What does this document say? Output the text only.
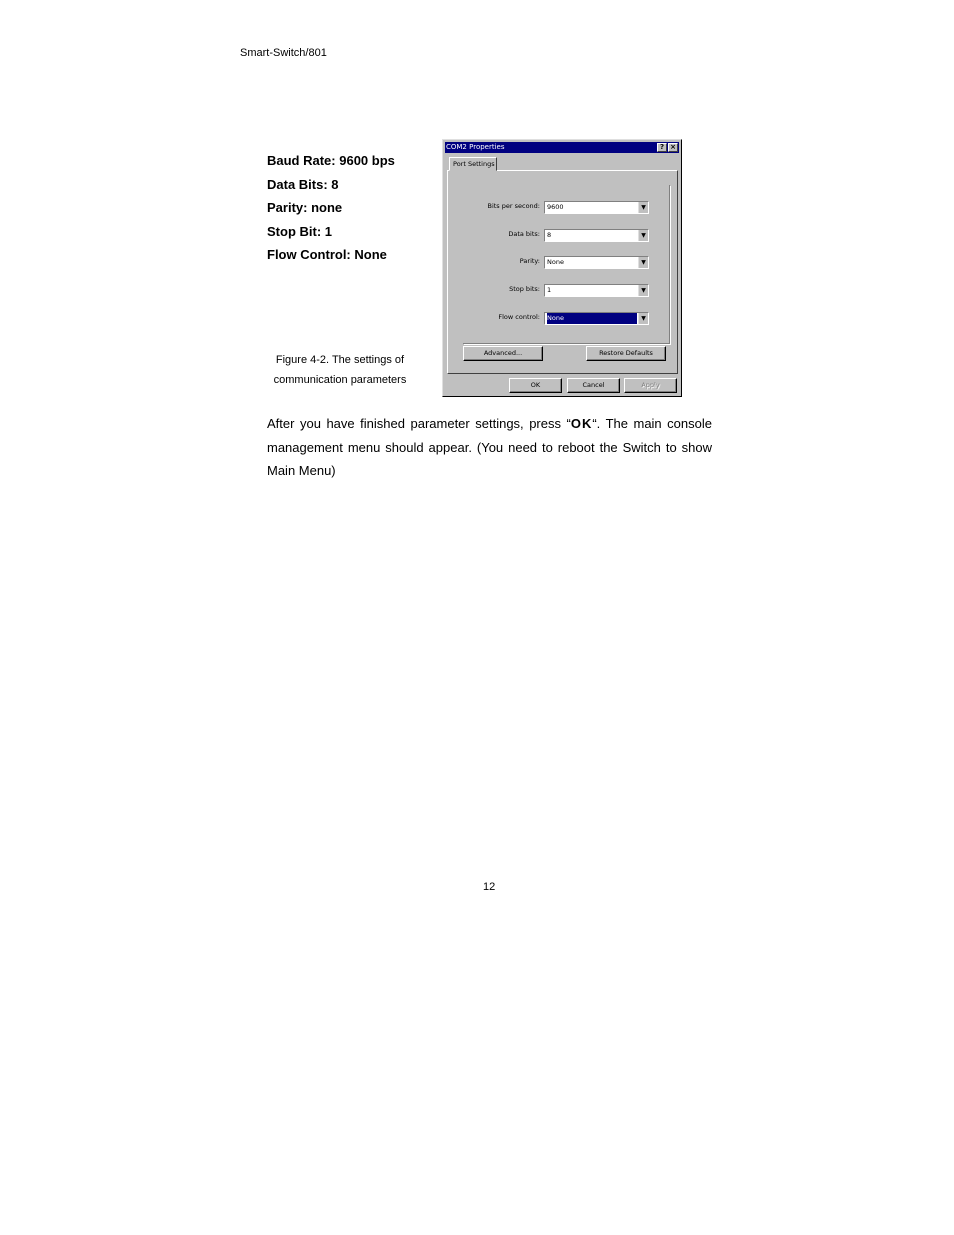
Smart-Switch/801
Baud Rate: 9600 bps
Data Bits: 8
Parity: none
Stop Bit: 1
Flow Control: None
Figure 4-2. The settings of
communication parameters
COM2 Properties	? ×
Port Settings
Bits per second:	9600	▼
Data bits:	8	▼
Parity:	None	▼
Stop bits:	1	▼
Flow control:	None	▼
Advanced...	Restore Defaults
OK	Cancel	Apply
After you have finished parameter settings, press “OK“. The main console management menu should appear. (You need to reboot the Switch to show Main Menu)
12
